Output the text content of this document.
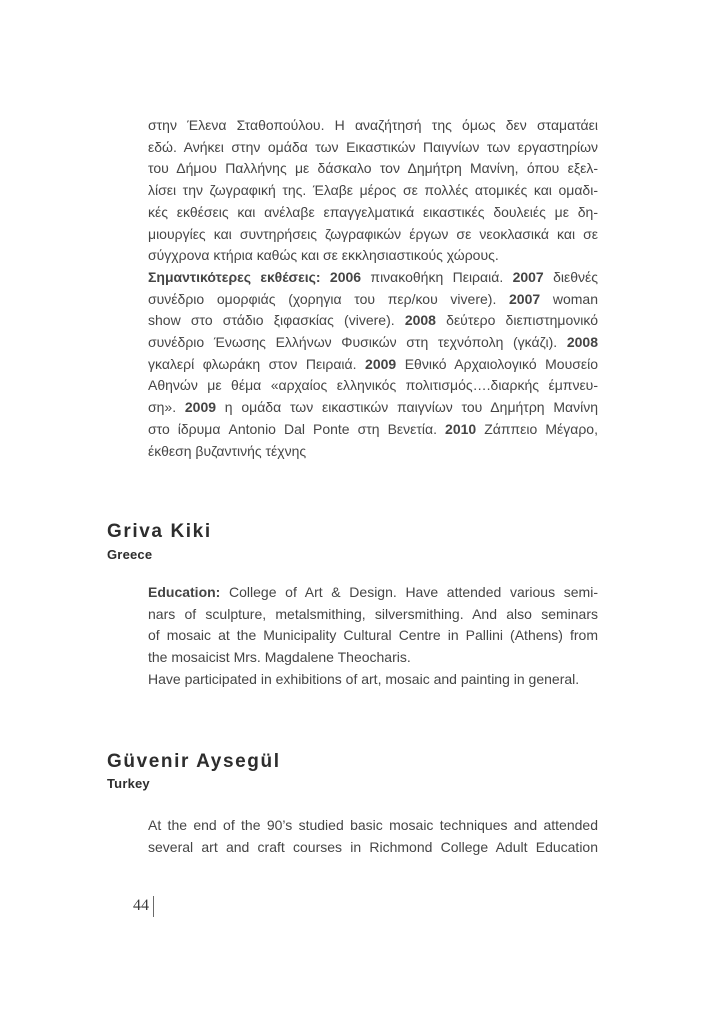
στην Έλενα Σταθοπούλου. Η αναζήτησή της όμως δεν σταματάει
εδώ. Ανήκει στην ομάδα των Εικαστικών Παιγνίων των εργαστηρίων
του Δήμου Παλλήνης με δάσκαλο τον Δημήτρη Μανίνη, όπου εξελ-
λίσει την ζωγραφική της. Έλαβε μέρος σε πολλές ατομικές και ομαδι-
κές εκθέσεις και ανέλαβε επαγγελματικά εικαστικές δουλειές με δη-
μιουργίες και συντηρήσεις ζωγραφικών έργων σε νεοκλασικά και σε
σύγχρονα κτήρια καθώς και σε εκκλησιαστικούς χώρους.
Σημαντικότερες εκθέσεις: 2006 πινακοθήκη Πειραιά. 2007 διεθνές
συνέδριο ομορφιάς (χορηγια του περ/κου vivere). 2007 woman
show στο στάδιο ξιφασκίας (vivere). 2008 δεύτερο διεπιστημονικό
συνέδριο Ένωσης Ελλήνων Φυσικών στη τεχνόπολη (γκάζι). 2008
γκαλερί φλωράκη στον Πειραιά. 2009 Εθνικό Αρχαιολογικό Μουσείο
Αθηνών με θέμα «αρχαίος ελληνικός πολιτισμός….διαρκής έμπνευ-
ση». 2009 η ομάδα των εικαστικών παιγνίων του Δημήτρη Μανίνη
στο ίδρυμα Antonio Dal Ponte στη Βενετία. 2010 Ζάππειο Μέγαρο,
έκθεση βυζαντινής τέχνης
Griva Kiki
Greece
Education: College of Art & Design. Have attended various semi-
nars of sculpture, metalsmithing, silversmithing. And also seminars
of mosaic at the Municipality Cultural Centre in Pallini (Athens) from
the mosaicist Mrs. Magdalene Theocharis.
Have participated in exhibitions of art, mosaic and painting in general.
Güvenir Aysegül
Turkey
At the end of the 90’s studied basic mosaic techniques and attended
several art and craft courses in Richmond College Adult Education
44
